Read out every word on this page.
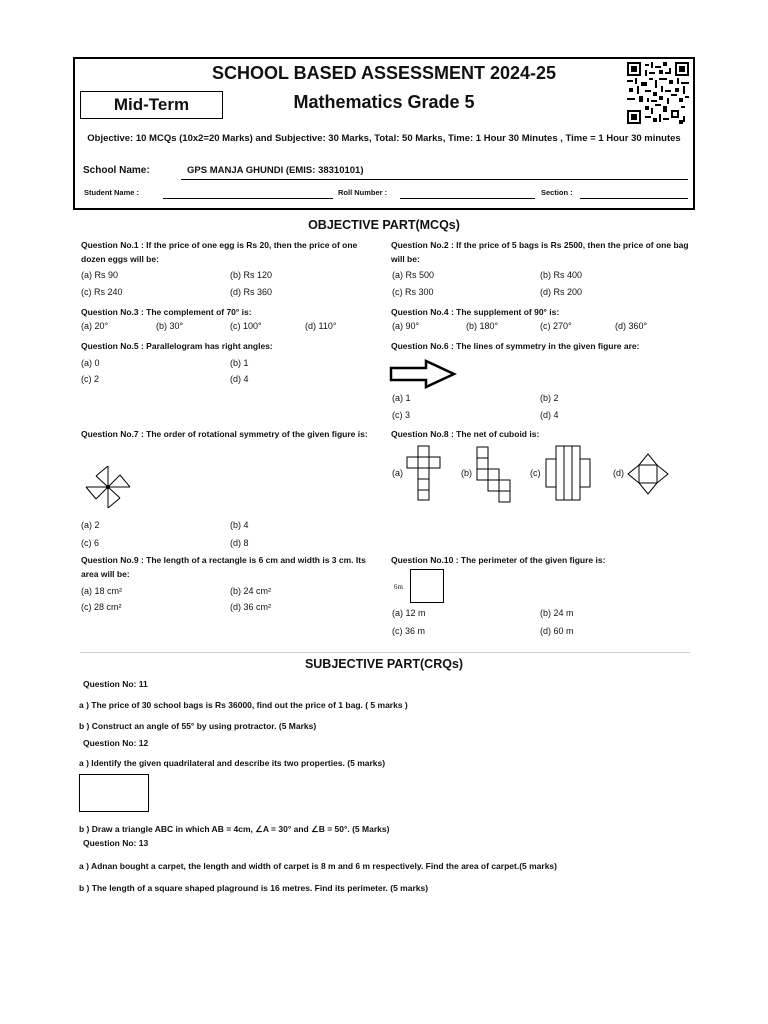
SCHOOL BASED ASSESSMENT 2024-25
Mid-Term	Mathematics Grade 5
Objective: 10 MCQs (10x2=20 Marks) and Subjective: 30 Marks, Total: 50 Marks, Time: 1 Hour 30 Minutes , Time = 1 Hour 30 minutes
School Name:	GPS MANJA GHUNDI (EMIS: 38310101)
Student Name :	Roll Number :	Section :
OBJECTIVE PART(MCQs)
Question No.1 : If the price of one egg is Rs 20, then the price of one dozen eggs will be:
(a) Rs 90	(b) Rs 120
(c) Rs 240	(d) Rs 360
Question No.2 : If the price of 5 bags is Rs 2500, then the price of one bag will be:
(a) Rs 500	(b) Rs 400
(c) Rs 300	(d) Rs 200
Question No.3 : The complement of 70° is:
(a) 20°	(b) 30°	(c) 100°	(d) 110°
Question No.4 : The supplement of 90° is:
(a) 90°	(b) 180°	(c) 270°	(d) 360°
Question No.5 : Parallelogram has right angles:
(a) 0	(b) 1
(c) 2	(d) 4
Question No.6 : The lines of symmetry in the given figure are:
(a) 1	(b) 2
(c) 3	(d) 4
Question No.7 : The order of rotational symmetry of the given figure is:
(a) 2	(b) 4
(c) 6	(d) 8
Question No.8 : The net of cuboid is:
(a)	(b)	(c)	(d)
Question No.9 : The length of a rectangle is 6 cm and width is 3 cm. Its area will be:
(a) 18 cm²	(b) 24 cm²
(c) 28 cm²	(d) 36 cm²
Question No.10 : The perimeter of the given figure is:
6m
(a) 12 m	(b) 24 m
(c) 36 m	(d) 60 m
SUBJECTIVE PART(CRQs)
Question No: 11
a ) The price of 30 school bags is Rs 36000, find out the price of 1 bag. ( 5 marks )
b ) Construct an angle of 55° by using protractor. (5 Marks)
Question No: 12
a ) Identify the given quadrilateral and describe its two properties. (5 marks)
b ) Draw a triangle ABC in which AB = 4cm, ∠A = 30° and ∠B = 50°. (5 Marks)
Question No: 13
a ) Adnan bought a carpet, the length and width of carpet is 8 m and 6 m respectively. Find the area of carpet.(5 marks)
b ) The length of a square shaped plaground is 16 metres. Find its perimeter. (5 marks)
